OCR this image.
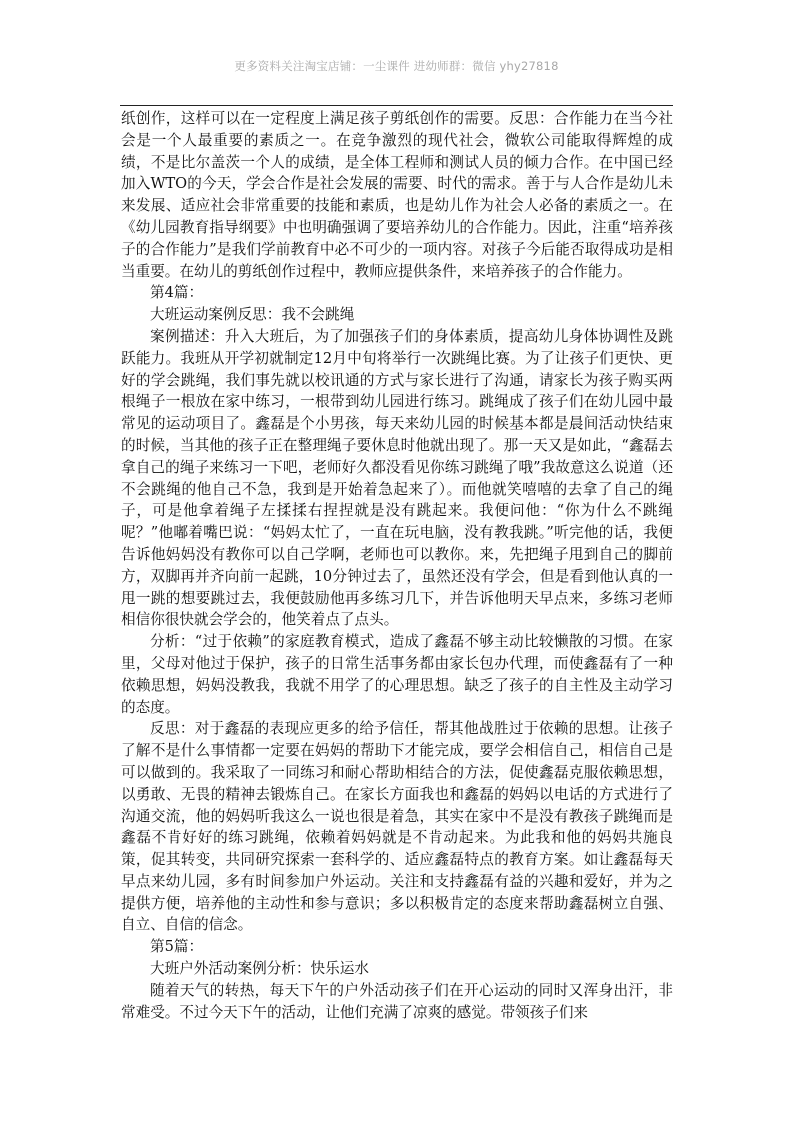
更多资料关注淘宝店铺：一尘课件 进幼师群：微信 yhy27818

纸创作，这样可以在一定程度上满足孩子剪纸创作的需要。反思：合作能力在当今社会是一个人最重要的素质之一。在竞争激烈的现代社会，微软公司能取得辉煌的成绩，不是比尔盖茨一个人的成绩，是全体工程师和测试人员的倾力合作。在中国已经加入WTO的今天，学会合作是社会发展的需要、时代的需求。善于与人合作是幼儿未来发展、适应社会非常重要的技能和素质，也是幼儿作为社会人必备的素质之一。在《幼儿园教育指导纲要》中也明确强调了要培养幼儿的合作能力。因此，注重“培养孩子的合作能力”是我们学前教育中必不可少的一项内容。对孩子今后能否取得成功是相当重要。在幼儿的剪纸创作过程中，教师应提供条件，来培养孩子的合作能力。

第4篇：

大班运动案例反思：我不会跳绳

案例描述：升入大班后，为了加强孩子们的身体素质，提高幼儿身体协调性及跳跃能力。我班从开学初就制定12月中旬将举行一次跳绳比赛。为了让孩子们更快、更好的学会跳绳，我们事先就以校讯通的方式与家长进行了沟通，请家长为孩子购买两根绳子一根放在家中练习，一根带到幼儿园进行练习。跳绳成了孩子们在幼儿园中最常见的运动项目了。鑫磊是个小男孩，每天来幼儿园的时候基本都是晨间活动快结束的时候，当其他的孩子正在整理绳子要休息时他就出现了。那一天又是如此，“鑫磊去拿自己的绳子来练习一下吧，老师好久都没看见你练习跳绳了哦”我故意这么说道（还不会跳绳的他自己不急，我到是开始着急起来了）。而他就笑嘻嘻的去拿了自己的绳子，可是他拿着绳子左揉揉右捏捏就是没有跳起来。我便问他：“你为什么不跳绳呢？”他嘟着嘴巴说：“妈妈太忙了，一直在玩电脑，没有教我跳。”听完他的话，我便告诉他妈妈没有教你可以自己学啊，老师也可以教你。来，先把绳子甩到自己的脚前方，双脚再并齐向前一起跳，10分钟过去了，虽然还没有学会，但是看到他认真的一甩一跳的想要跳过去，我便鼓励他再多练习几下，并告诉他明天早点来，多练习老师相信你很快就会学会的，他笑着点了点头。

分析：“过于依赖”的家庭教育模式，造成了鑫磊不够主动比较懒散的习惯。在家里，父母对他过于保护，孩子的日常生活事务都由家长包办代理，而使鑫磊有了一种依赖思想，妈妈没教我，我就不用学了的心理思想。缺乏了孩子的自主性及主动学习的态度。

反思：对于鑫磊的表现应更多的给予信任，帮其他战胜过于依赖的思想。让孩子了解不是什么事情都一定要在妈妈的帮助下才能完成，要学会相信自己，相信自己是可以做到的。我采取了一同练习和耐心帮助相结合的方法，促使鑫磊克服依赖思想，以勇敢、无畏的精神去锻炼自己。在家长方面我也和鑫磊的妈妈以电话的方式进行了沟通交流，他的妈妈听我这么一说也很是着急，其实在家中不是没有教孩子跳绳而是鑫磊不肯好好的练习跳绳，依赖着妈妈就是不肯动起来。为此我和他的妈妈共施良策，促其转变，共同研究探索一套科学的、适应鑫磊特点的教育方案。如让鑫磊每天早点来幼儿园，多有时间参加户外运动。关注和支持鑫磊有益的兴趣和爱好，并为之提供方便，培养他的主动性和参与意识；多以积极肯定的态度来帮助鑫磊树立自强、自立、自信的信念。

第5篇：

大班户外活动案例分析：快乐运水

随着天气的转热，每天下午的户外活动孩子们在开心运动的同时又浑身出汗，非常难受。不过今天下午的活动，让他们充满了凉爽的感觉。带领孩子们来
